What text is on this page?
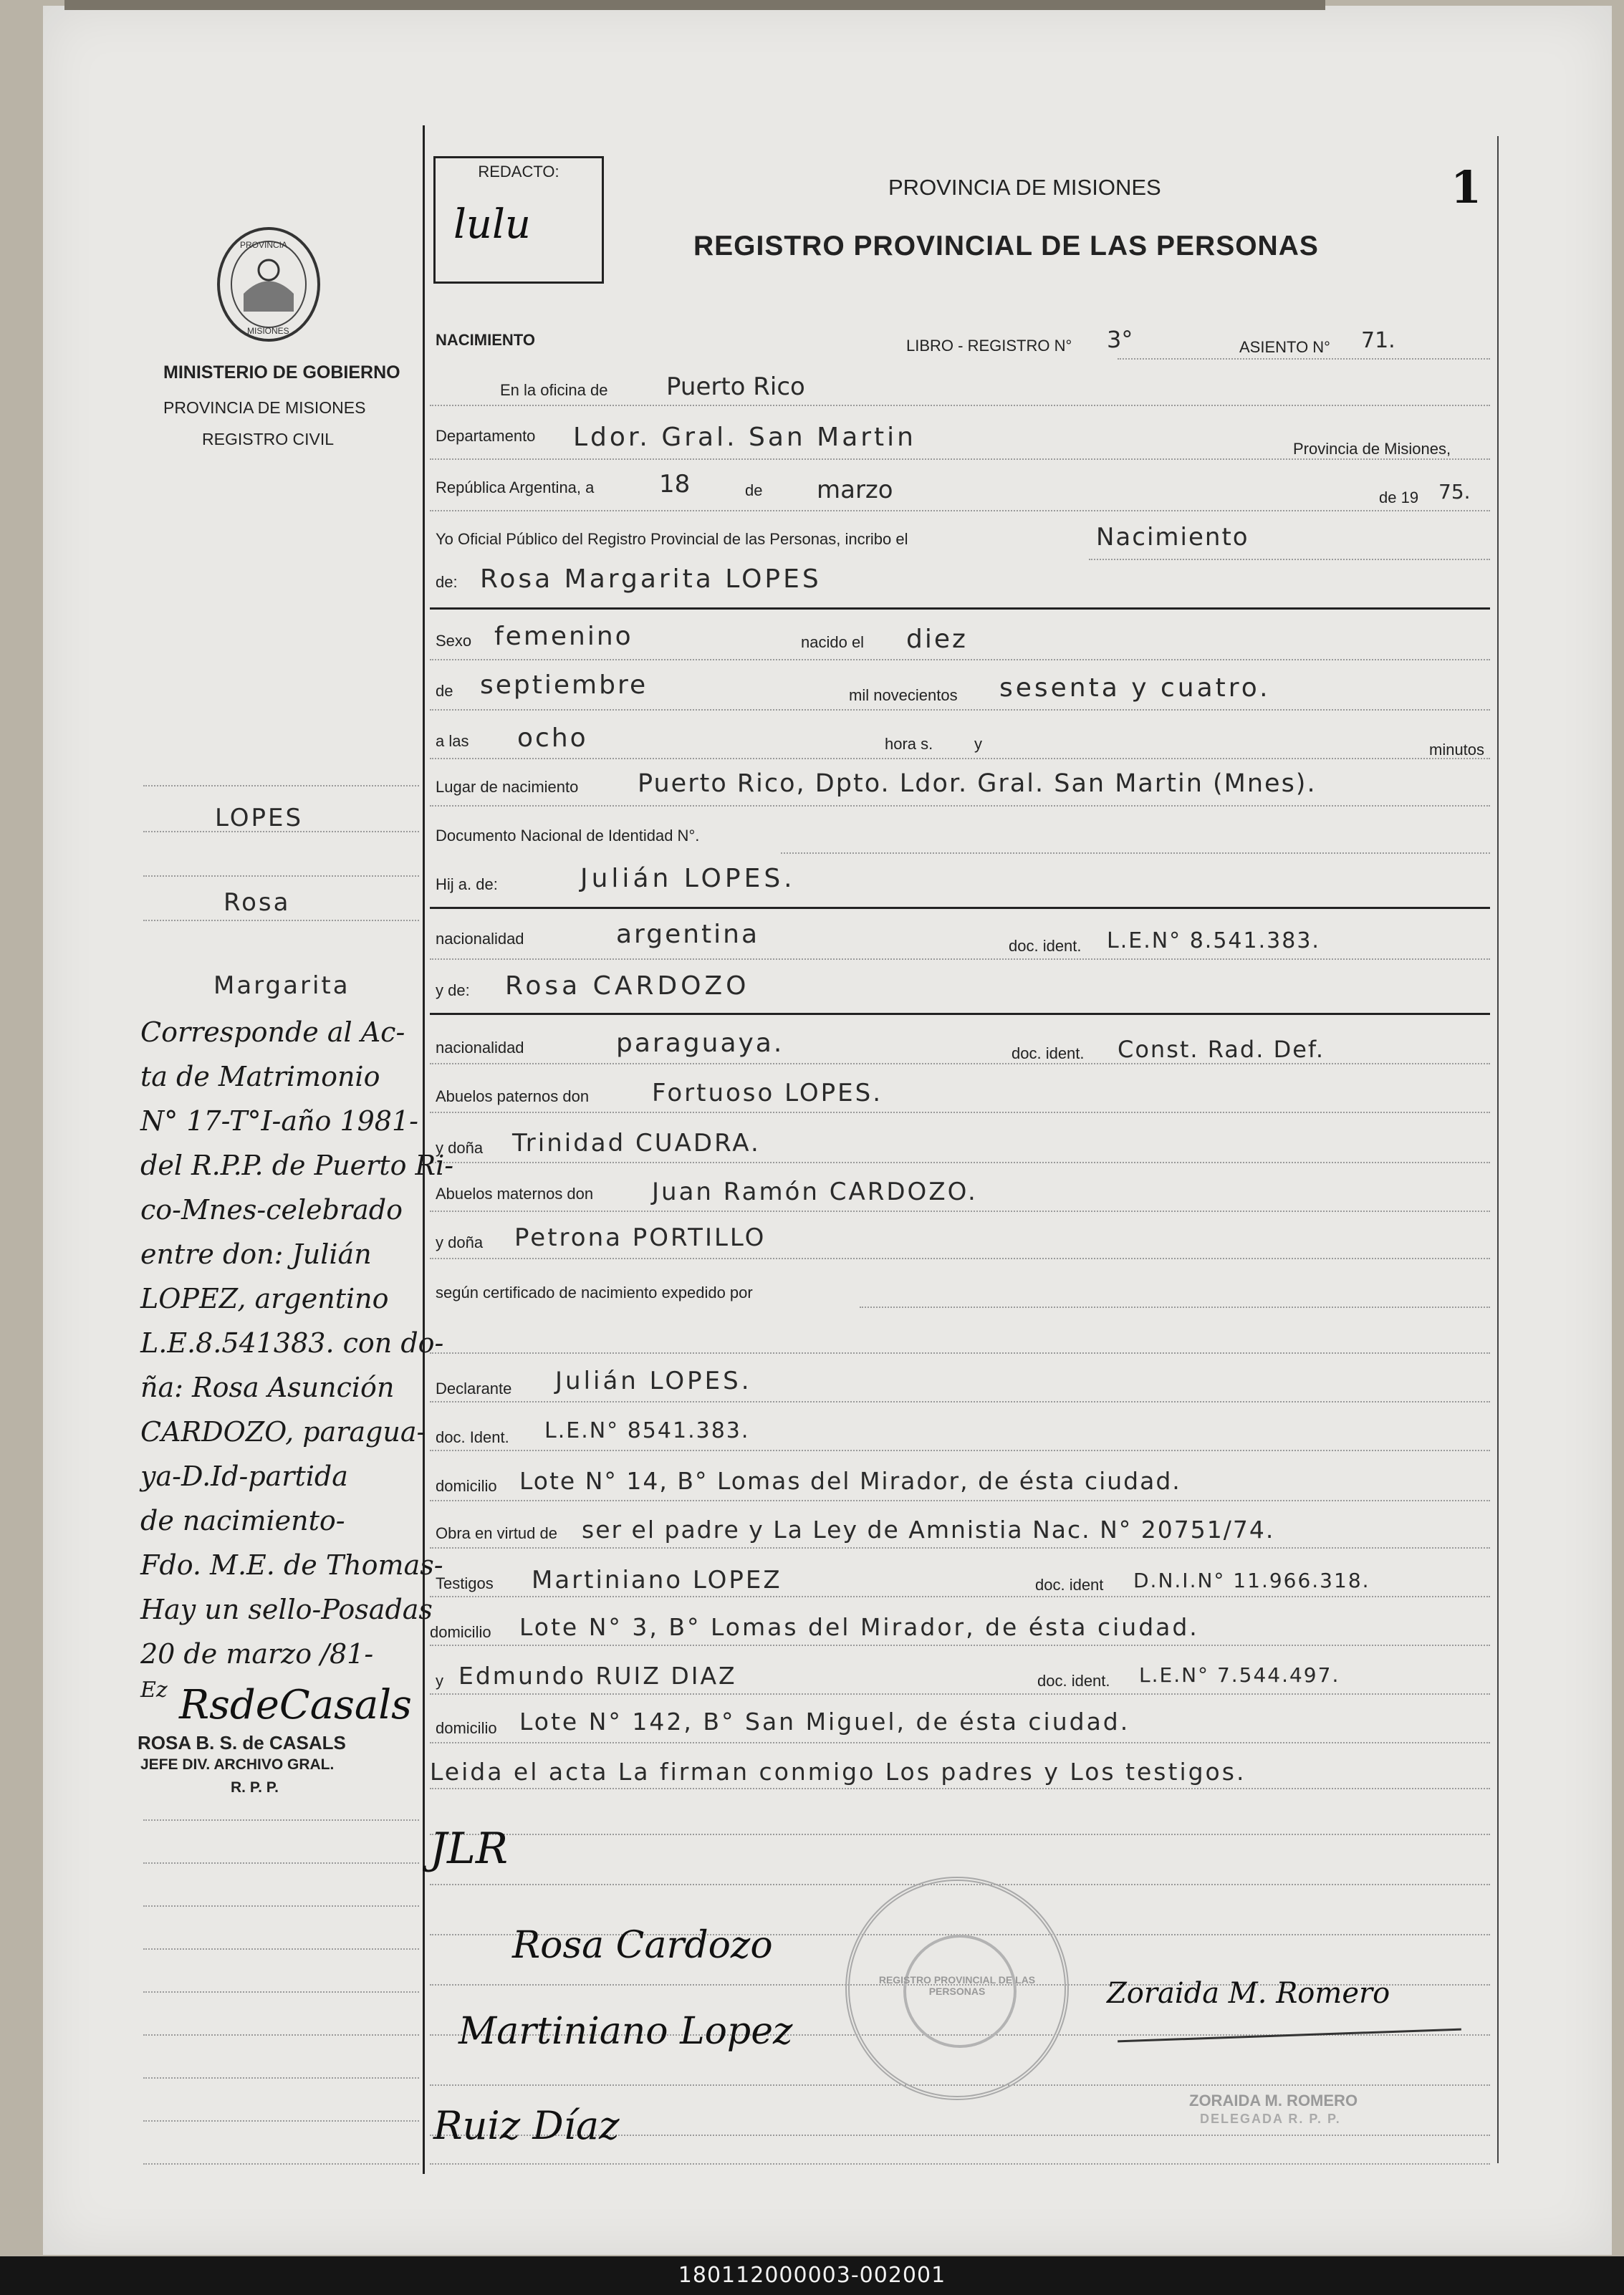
REDACTO:
lulu
PROVINCIA DE MISIONES
REGISTRO PROVINCIAL DE LAS PERSONAS
1
PROVINCIA
MISIONES
MINISTERIO DE GOBIERNO
PROVINCIA DE MISIONES
REGISTRO CIVIL
NACIMIENTO	LIBRO - REGISTRO N° 3°	ASIENTO N° 71.
En la oficina de Puerto Rico
Departamento Ldor. Gral. San Martin	Provincia de Misiones,
República Argentina, a	18	de marzo	de 19 75.
Yo Oficial Público del Registro Provincial de las Personas, incribo el	Nacimiento
de: Rosa Margarita LOPES
Sexo femenino	nacido el diez
de septiembre	mil novecientos sesenta y cuatro.
a las ocho	hora s.	y	minutos
Lugar de nacimiento Puerto Rico, Dpto. Ldor. Gral. San Martin (Mnes).
Documento Nacional de Identidad N°.
Hij a. de:	Julián LOPES.
nacionalidad	argentina	doc. ident. L.E.N° 8.541.383.
y de: Rosa CARDOZO
nacionalidad	paraguaya.	doc. ident. Const. Rad. Def.
Abuelos paternos don	Fortuoso LOPES.
y doña Trinidad CUADRA.
Abuelos maternos don Juan Ramón CARDOZO.
y doña Petrona PORTILLO
según certificado de nacimiento expedido por
Declarante Julián LOPES.
doc. Ident. L.E.N° 8541.383.
domicilio Lote N° 14, B° Lomas del Mirador, de ésta ciudad.
Obra en virtud de ser el padre y La Ley de Amnistia Nac. N° 20751/74.
Testigos Martiniano LOPEZ	doc. ident D.N.I.N° 11.966.318.
domicilio Lote N° 3, B° Lomas del Mirador, de ésta ciudad.
y Edmundo RUIZ DIAZ	doc. ident. L.E.N° 7.544.497.
domicilio Lote N° 142, B° San Miguel, de ésta ciudad.
Leida el acta La firman conmigo Los padres y Los testigos.
JLR
Rosa Cardozo
Martiniano Lopez
Ruiz Díaz
REGISTRO PROVINCIAL DE LAS PERSONAS	Zoraida M. Romero
ZORAIDA M. ROMERO
DELEGADA R. P. P.
LOPES
Rosa
Margarita
Corresponde al Ac-
ta de Matrimonio
N° 17-T°I-año 1981-
del R.P.P. de Puerto Ri-
co-Mnes-celebrado
entre don: Julián
LOPEZ, argentino
L.E.8.541383. con do-
ña: Rosa Asunción
CARDOZO, paragua-
ya-D.Id-partida
de nacimiento-
Fdo. M.E. de Thomas-
Hay un sello-Posadas
20 de marzo /81-
Ez RsdeCasals
ROSA B. S. de CASALS
JEFE DIV. ARCHIVO GRAL.
R. P. P.
180112000003-002001
